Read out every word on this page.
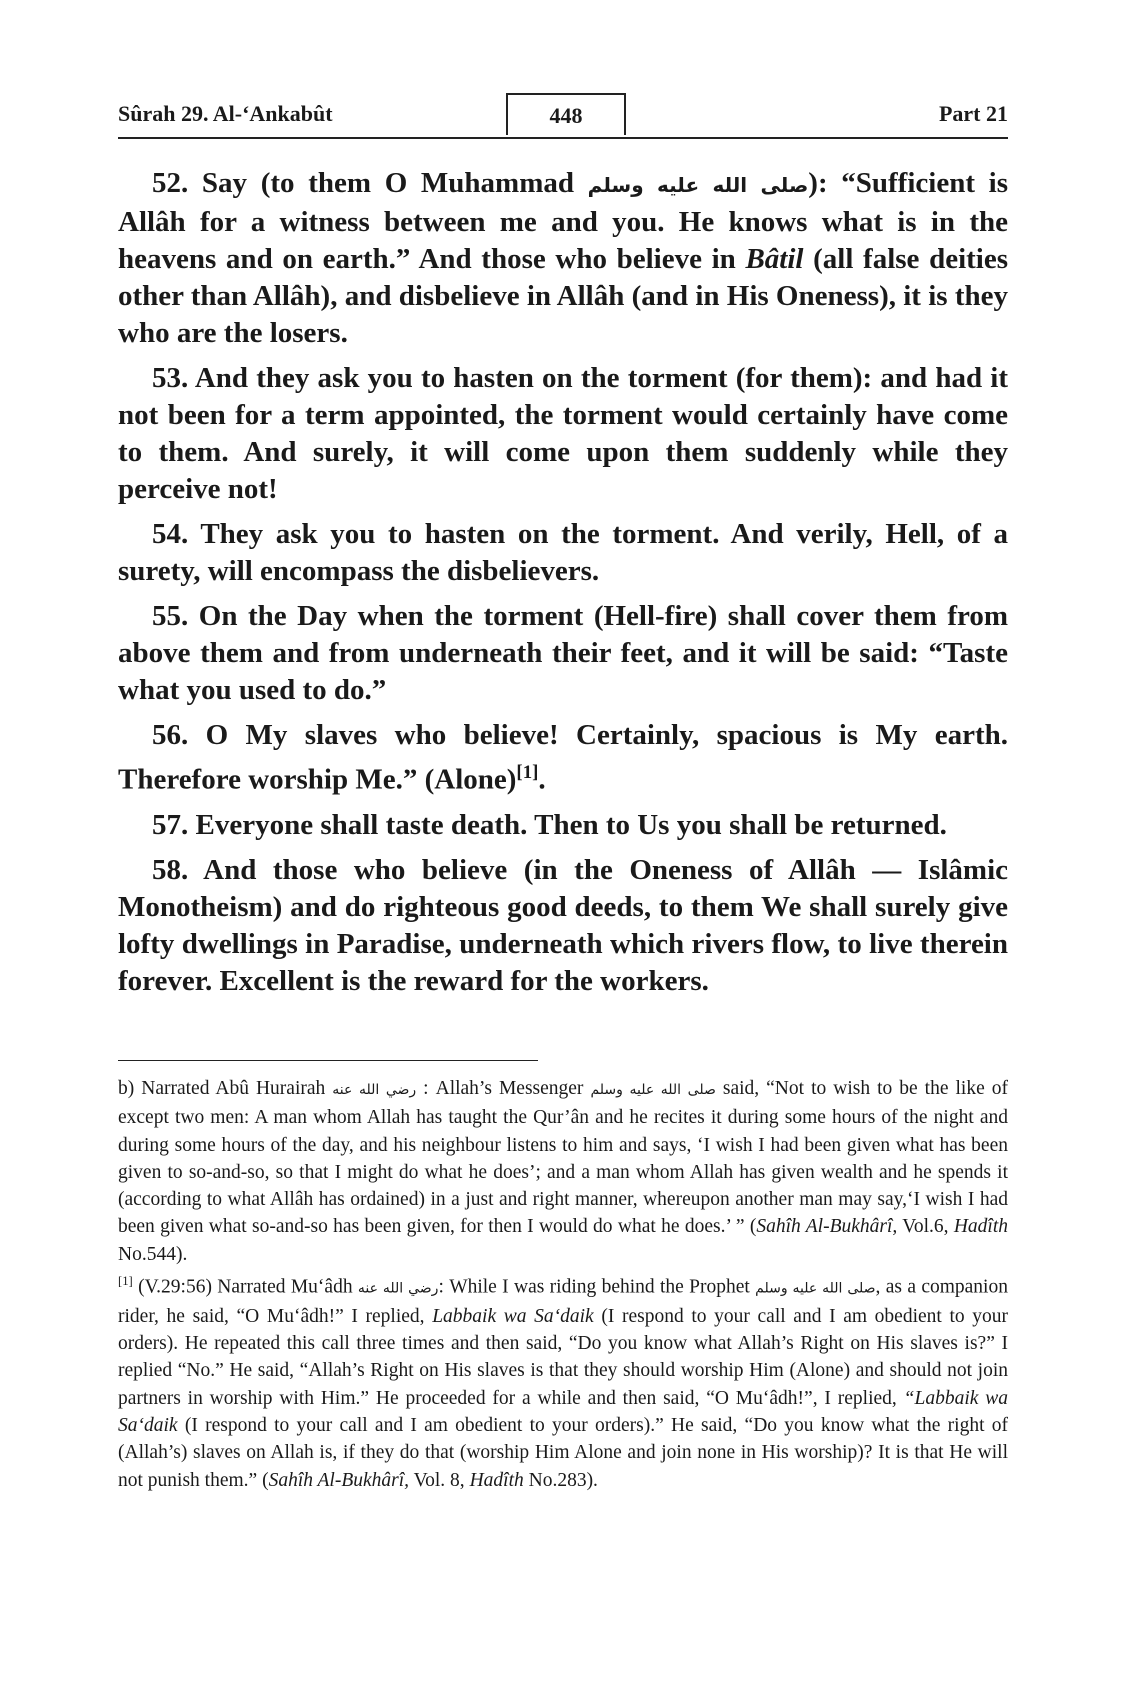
Sûrah 29. Al-‘Ankabût	448	Part 21

52. Say (to them O Muhammad صلى الله عليه وسلم): “Sufficient is Allâh for a witness between me and you. He knows what is in the heavens and on earth.” And those who believe in Bâtil (all false deities other than Allâh), and disbelieve in Allâh (and in His Oneness), it is they who are the losers.

53. And they ask you to hasten on the torment (for them): and had it not been for a term appointed, the torment would certainly have come to them. And surely, it will come upon them suddenly while they perceive not!

54. They ask you to hasten on the torment. And verily, Hell, of a surety, will encompass the disbelievers.

55. On the Day when the torment (Hell-fire) shall cover them from above them and from underneath their feet, and it will be said: “Taste what you used to do.”

56. O My slaves who believe! Certainly, spacious is My earth. Therefore worship Me.” (Alone)[1].

57. Everyone shall taste death. Then to Us you shall be returned.

58. And those who believe (in the Oneness of Allâh — Islâmic Monotheism) and do righteous good deeds, to them We shall surely give lofty dwellings in Paradise, underneath which rivers flow, to live therein forever. Excellent is the reward for the workers.

b) Narrated Abû Hurairah رضي الله عنه : Allah’s Messenger صلى الله عليه وسلم said, “Not to wish to be the like of except two men: A man whom Allah has taught the Qur’ân and he recites it during some hours of the night and during some hours of the day, and his neighbour listens to him and says, ‘I wish I had been given what has been given to so-and-so, so that I might do what he does’; and a man whom Allah has given wealth and he spends it (according to what Allâh has ordained) in a just and right manner, whereupon another man may say,‘I wish I had been given what so-and-so has been given, for then I would do what he does.’ ” (Sahîh Al-Bukhârî, Vol.6, Hadîth No.544).

[1] (V.29:56) Narrated Mu‘âdh رضي الله عنه: While I was riding behind the Prophet صلى الله عليه وسلم, as a companion rider, he said, “O Mu‘âdh!” I replied, Labbaik wa Sa‘daik (I respond to your call and I am obedient to your orders). He repeated this call three times and then said, “Do you know what Allah’s Right on His slaves is?” I replied “No.” He said, “Allah’s Right on His slaves is that they should worship Him (Alone) and should not join partners in worship with Him.” He proceeded for a while and then said, “O Mu‘âdh!”, I replied, “Labbaik wa Sa‘daik (I respond to your call and I am obedient to your orders).” He said, “Do you know what the right of (Allah’s) slaves on Allah is, if they do that (worship Him Alone and join none in His worship)? It is that He will not punish them.” (Sahîh Al-Bukhârî, Vol. 8, Hadîth No.283).
